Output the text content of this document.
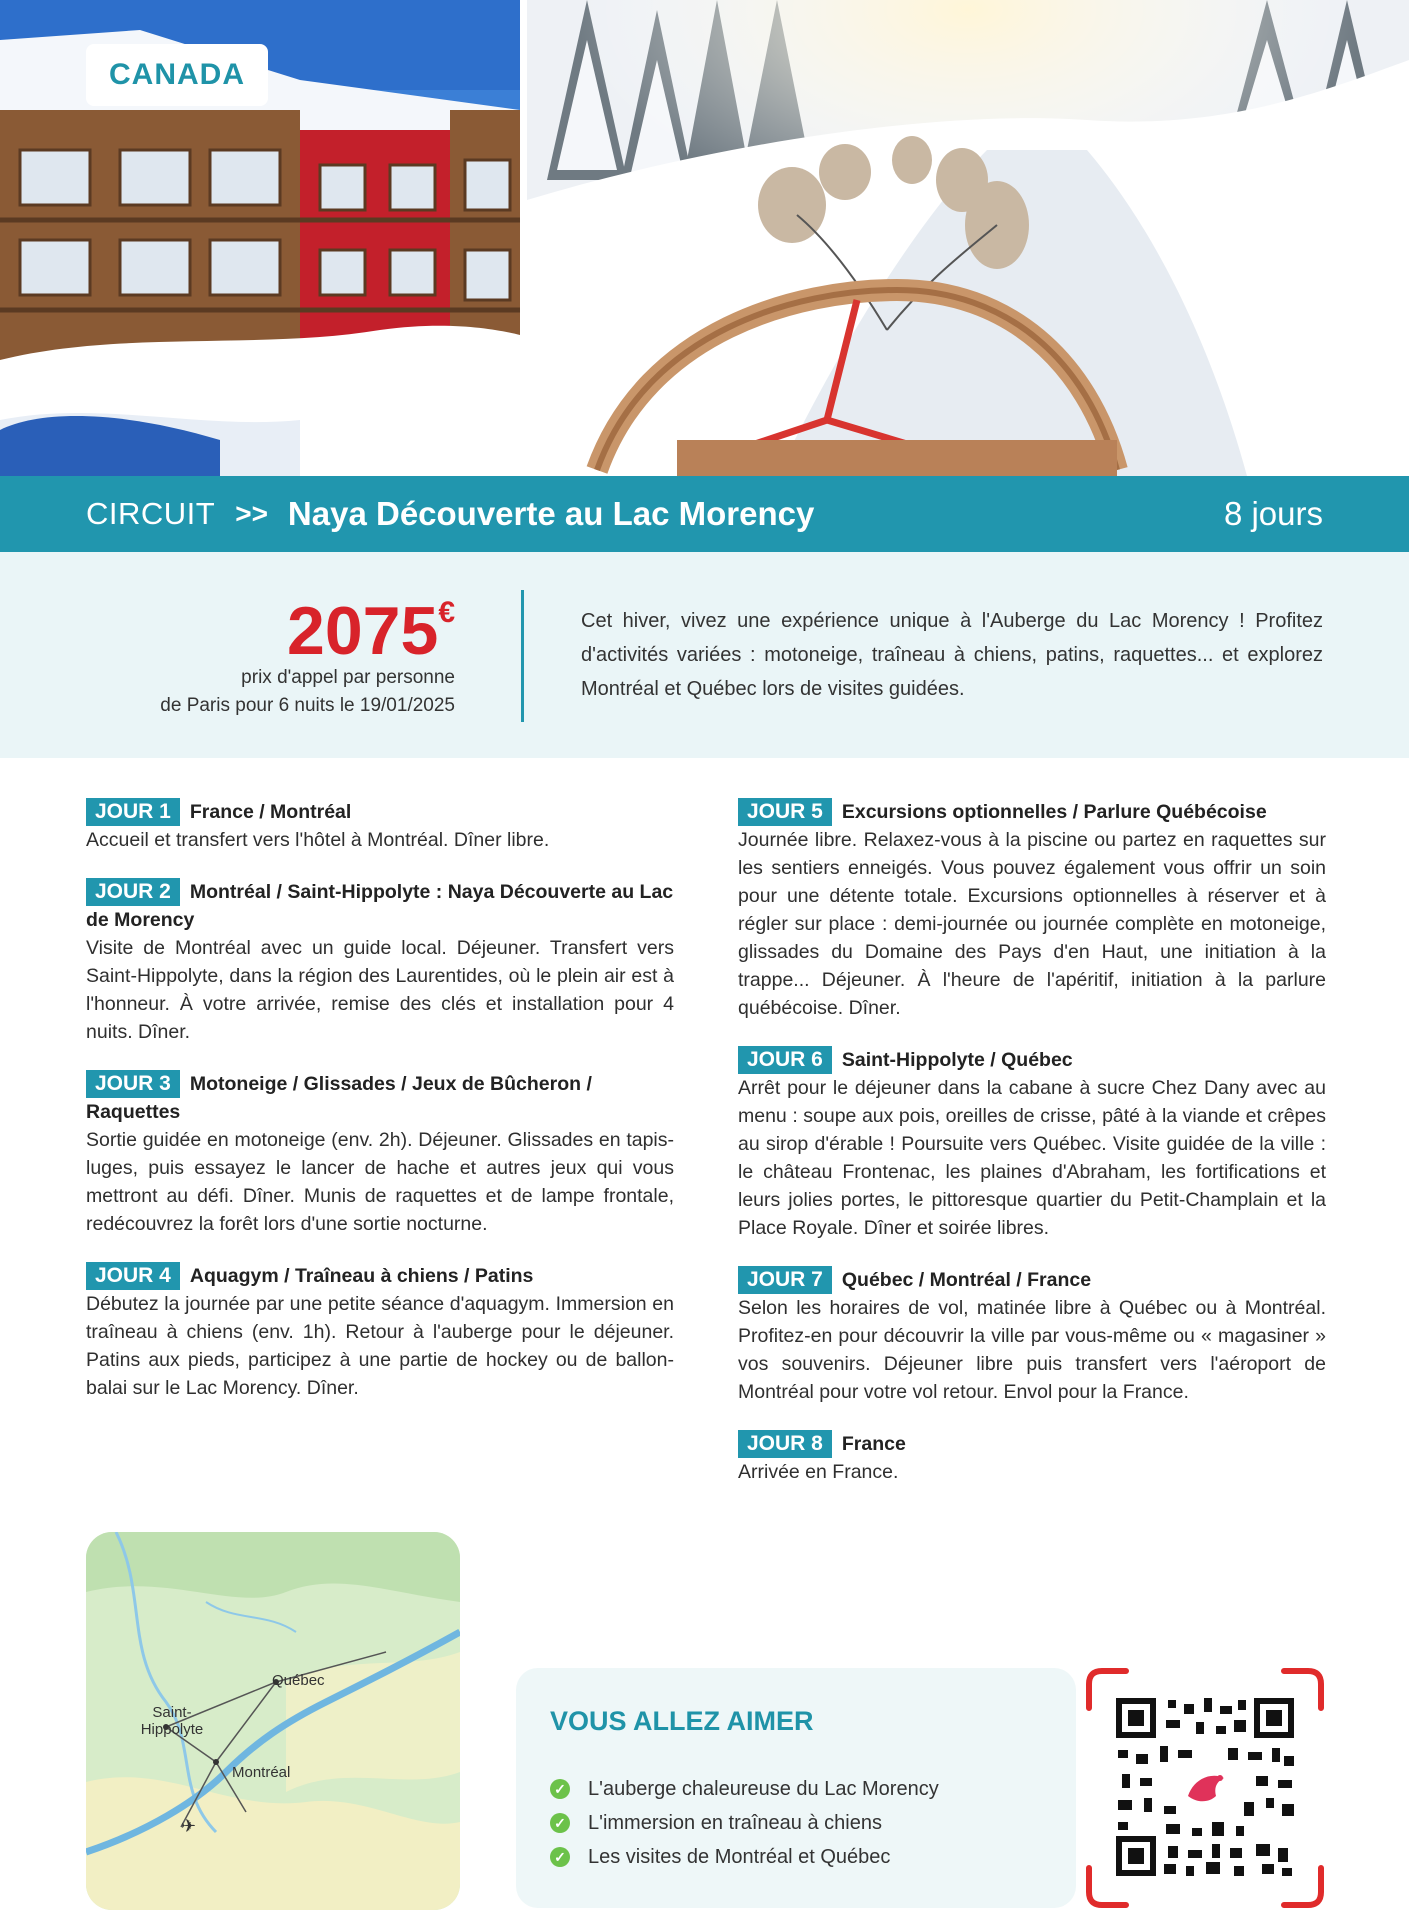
CANADA
CIRCUIT >> Naya Découverte au Lac Morency	8 jours
2075€
prix d'appel par personne
de Paris pour 6 nuits le 19/01/2025
Cet hiver, vivez une expérience unique à l'Auberge du Lac Morency ! Profitez d'activités variées : motoneige, traîneau à chiens, patins, raquettes... et explorez Montréal et Québec lors de visites guidées.
JOUR 1 France / Montréal
Accueil et transfert vers l'hôtel à Montréal. Dîner libre.
JOUR 2 Montréal / Saint-Hippolyte : Naya Découverte au Lac de Morency
Visite de Montréal avec un guide local. Déjeuner. Transfert vers Saint-Hippolyte, dans la région des Laurentides, où le plein air est à l'honneur. À votre arrivée, remise des clés et installation pour 4 nuits. Dîner.
JOUR 3 Motoneige / Glissades / Jeux de Bûcheron / Raquettes
Sortie guidée en motoneige (env. 2h). Déjeuner. Glissades en tapis-luges, puis essayez le lancer de hache et autres jeux qui vous mettront au défi. Dîner. Munis de raquettes et de lampe frontale, redécouvrez la forêt lors d'une sortie nocturne.
JOUR 4 Aquagym / Traîneau à chiens / Patins
Débutez la journée par une petite séance d'aquagym. Immersion en traîneau à chiens (env. 1h). Retour à l'auberge pour le déjeuner. Patins aux pieds, participez à une partie de hockey ou de ballon-balai sur le Lac Morency. Dîner.
JOUR 5 Excursions optionnelles / Parlure Québécoise
Journée libre. Relaxez-vous à la piscine ou partez en raquettes sur les sentiers enneigés. Vous pouvez également vous offrir un soin pour une détente totale. Excursions optionnelles à réserver et à régler sur place : demi-journée ou journée complète en motoneige, glissades du Domaine des Pays d'en Haut, une initiation à la trappe... Déjeuner. À l'heure de l'apéritif, initiation à la parlure québécoise. Dîner.
JOUR 6 Saint-Hippolyte / Québec
Arrêt pour le déjeuner dans la cabane à sucre Chez Dany avec au menu : soupe aux pois, oreilles de crisse, pâté à la viande et crêpes au sirop d'érable ! Poursuite vers Québec. Visite guidée de la ville : le château Frontenac, les plaines d'Abraham, les fortifications et leurs jolies portes, le pittoresque quartier du Petit-Champlain et la Place Royale. Dîner et soirée libres.
JOUR 7 Québec / Montréal / France
Selon les horaires de vol, matinée libre à Québec ou à Montréal. Profitez-en pour découvrir la ville par vous-même ou « magasiner » vos souvenirs. Déjeuner libre puis transfert vers l'aéroport de Montréal pour votre vol retour. Envol pour la France.
JOUR 8 France
Arrivée en France.
✈
Québec
Saint-Hippolyte
Montréal
VOUS ALLEZ AIMER
✓ L'auberge chaleureuse du Lac Morency
✓ L'immersion en traîneau à chiens
✓ Les visites de Montréal et Québec
